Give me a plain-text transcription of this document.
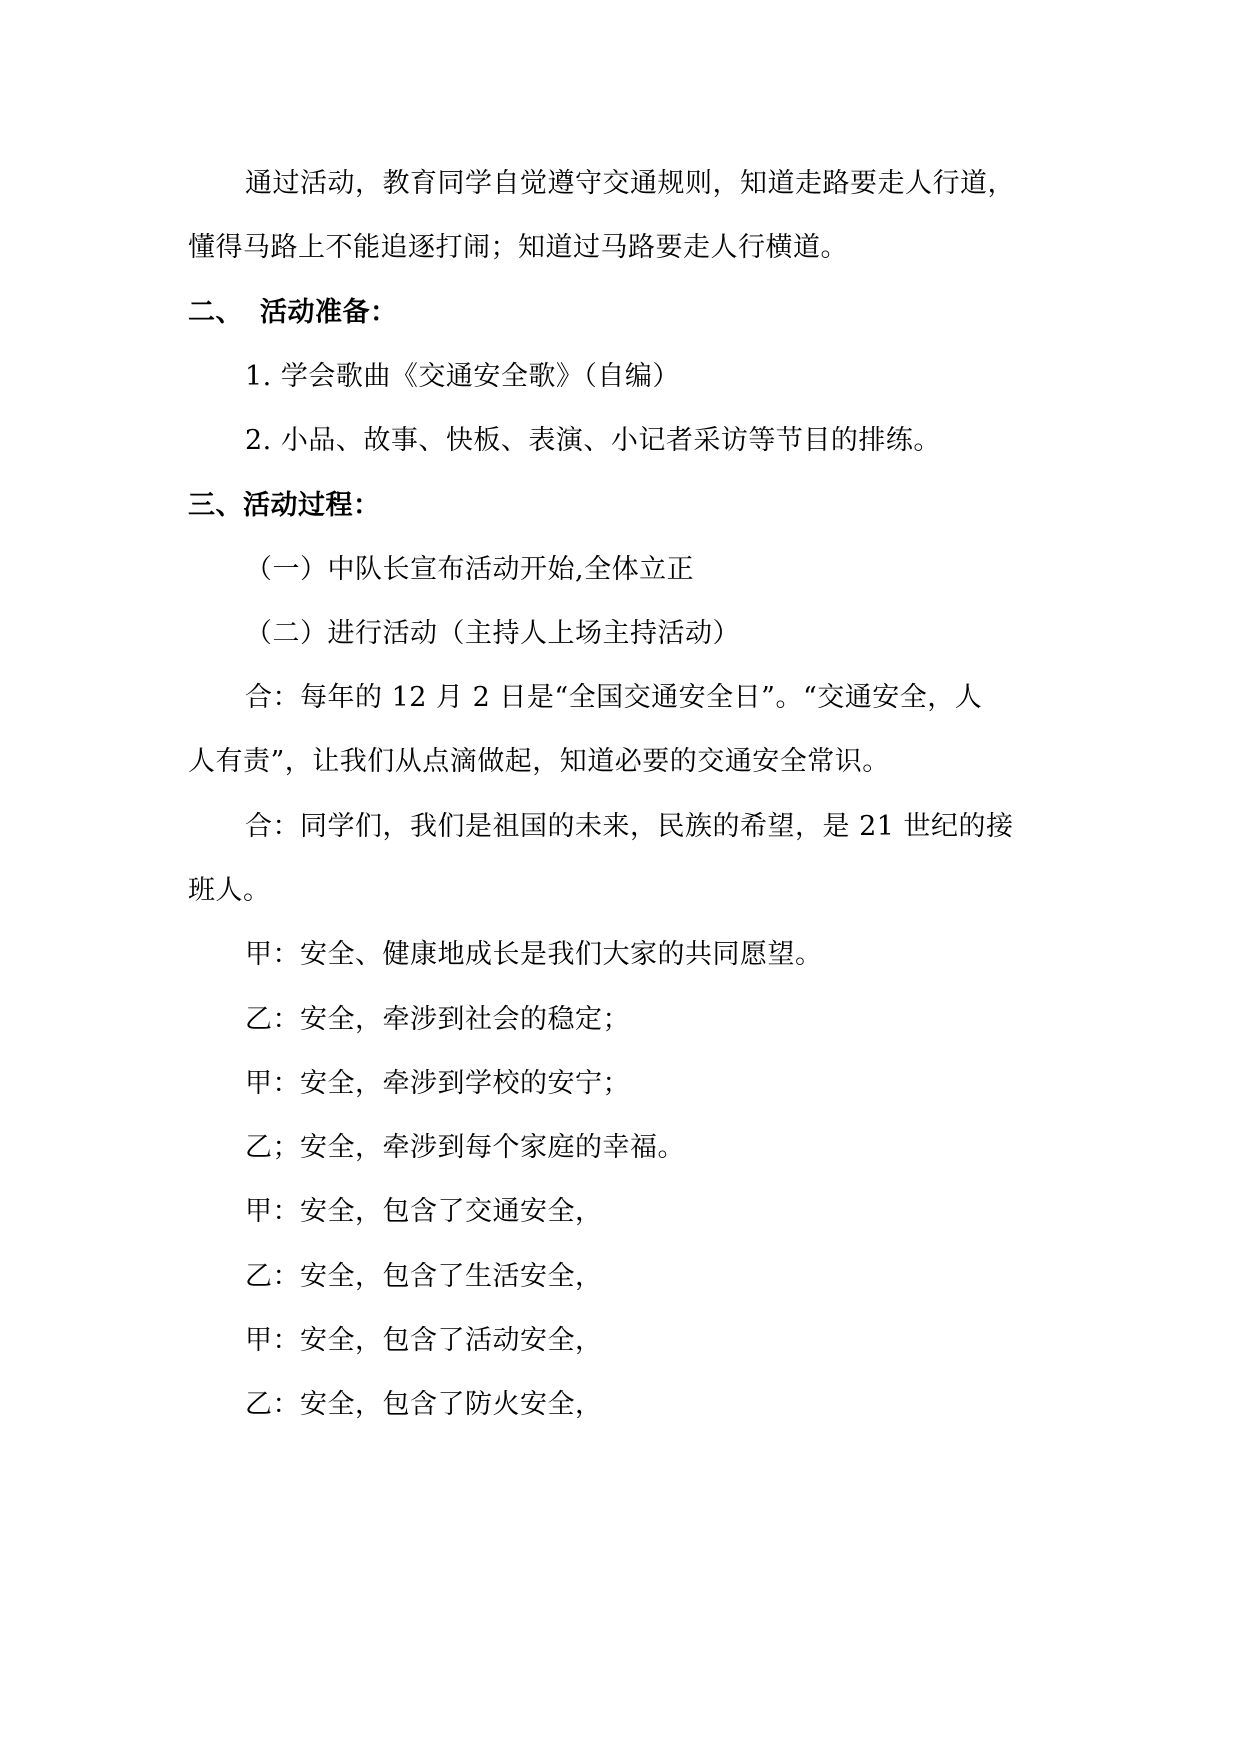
通过活动，教育同学自觉遵守交通规则，知道走路要走人行道，
懂得马路上不能追逐打闹；知道过马路要走人行横道。
二、 活动准备：
1. 学会歌曲《交通安全歌》（自编）
2. 小品、故事、快板、表演、小记者采访等节目的排练。
三、活动过程：
（一）中队长宣布活动开始,全体立正
（二）进行活动（主持人上场主持活动）
合：每年的 12 月 2 日是“全国交通安全日”。“交通安全，人
人有责”，让我们从点滴做起，知道必要的交通安全常识。
合：同学们，我们是祖国的未来，民族的希望，是 21 世纪的接
班人。
甲：安全、健康地成长是我们大家的共同愿望。
乙：安全，牵涉到社会的稳定；
甲：安全，牵涉到学校的安宁；
乙；安全，牵涉到每个家庭的幸福。
甲：安全，包含了交通安全，
乙：安全，包含了生活安全，
甲：安全，包含了活动安全，
乙：安全，包含了防火安全，
